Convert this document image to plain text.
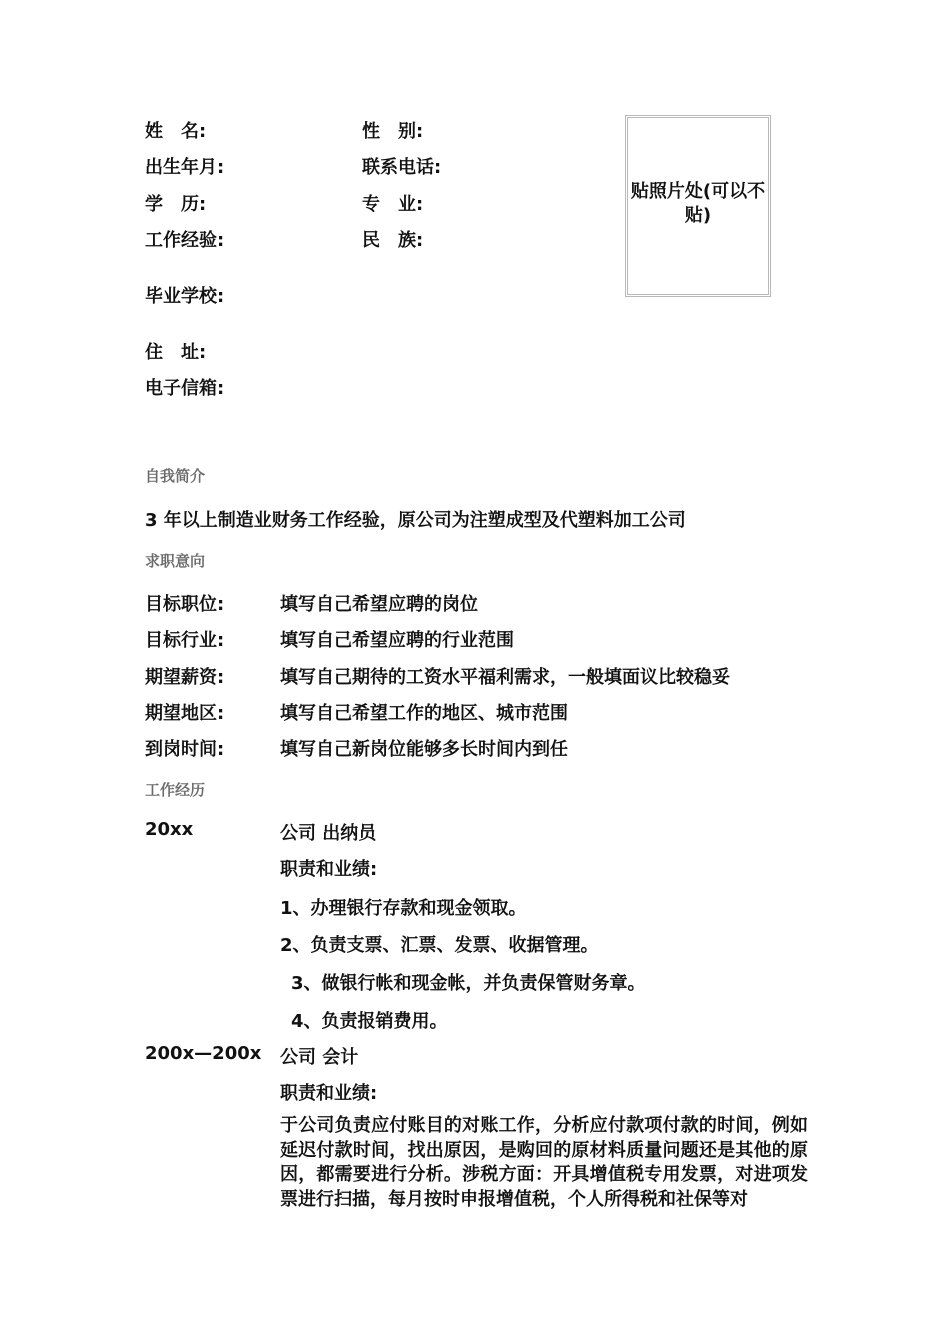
姓　名:	性　别:
出生年月:	联系电话:
学　历:	专　业:
工作经验:	民　族:
毕业学校:
住　址:
电子信箱:
贴照片处(可以不贴)
自我简介
3 年以上制造业财务工作经验，原公司为注塑成型及代塑料加工公司
求职意向
目标职位:	填写自己希望应聘的岗位
目标行业:	填写自己希望应聘的行业范围
期望薪资:	填写自己期待的工资水平福利需求，一般填面议比较稳妥
期望地区:	填写自己希望工作的地区、城市范围
到岗时间:	填写自己新岗位能够多长时间内到任
工作经历
20xx	公司 出纳员
职责和业绩:
1、办理银行存款和现金领取。
2、负责支票、汇票、发票、收据管理。
3、做银行帐和现金帐，并负责保管财务章。
4、负责报销费用。
200x—200x 公司 会计
职责和业绩:
于公司负责应付账目的对账工作，分析应付款项付款的时间，例如延迟付款时间，找出原因，是购回的原材料质量问题还是其他的原因，都需要进行分析。涉税方面：开具增值税专用发票，对进项发票进行扫描，每月按时申报增值税，个人所得税和社保等对
